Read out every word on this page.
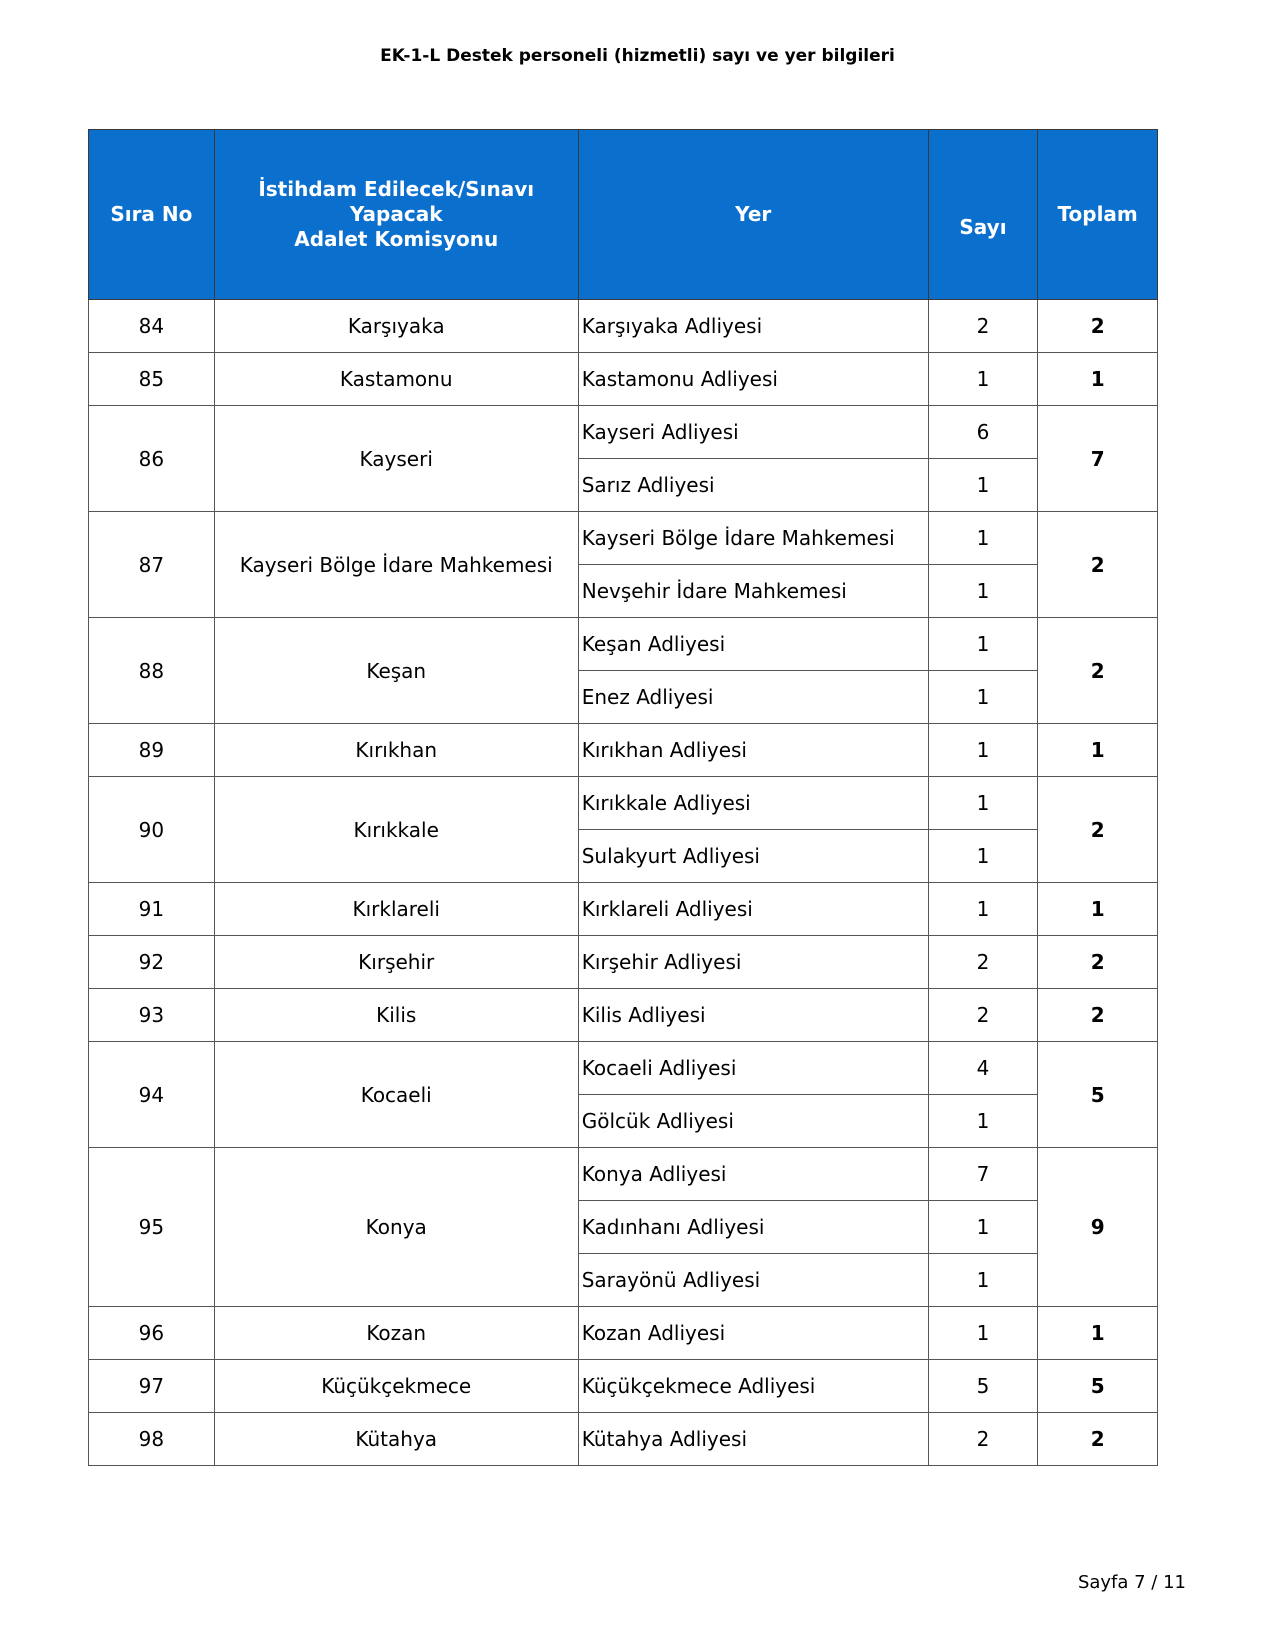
EK-1-L Destek personeli (hizmetli) sayı ve yer bilgileri
Sıra No	İstihdam Edilecek/Sınavı
Yapacak
Adalet Komisyonu	Yer	Sayı	Toplam
84	Karşıyaka	Karşıyaka Adliyesi	2	2
85	Kastamonu	Kastamonu Adliyesi	1	1
86	Kayseri	Kayseri Adliyesi	6	7
		Sarız Adliyesi	1	
87	Kayseri Bölge İdare Mahkemesi	Kayseri Bölge İdare Mahkemesi	1	2
		Nevşehir İdare Mahkemesi	1	
88	Keşan	Keşan Adliyesi	1	2
		Enez Adliyesi	1	
89	Kırıkhan	Kırıkhan Adliyesi	1	1
90	Kırıkkale	Kırıkkale Adliyesi	1	2
		Sulakyurt Adliyesi	1	
91	Kırklareli	Kırklareli Adliyesi	1	1
92	Kırşehir	Kırşehir Adliyesi	2	2
93	Kilis	Kilis Adliyesi	2	2
94	Kocaeli	Kocaeli Adliyesi	4	5
		Gölcük Adliyesi	1	
95	Konya	Konya Adliyesi	7	9
		Kadınhanı Adliyesi	1	
		Sarayönü Adliyesi	1	
96	Kozan	Kozan Adliyesi	1	1
97	Küçükçekmece	Küçükçekmece Adliyesi	5	5
98	Kütahya	Kütahya Adliyesi	2	2
Sayfa 7 / 11
